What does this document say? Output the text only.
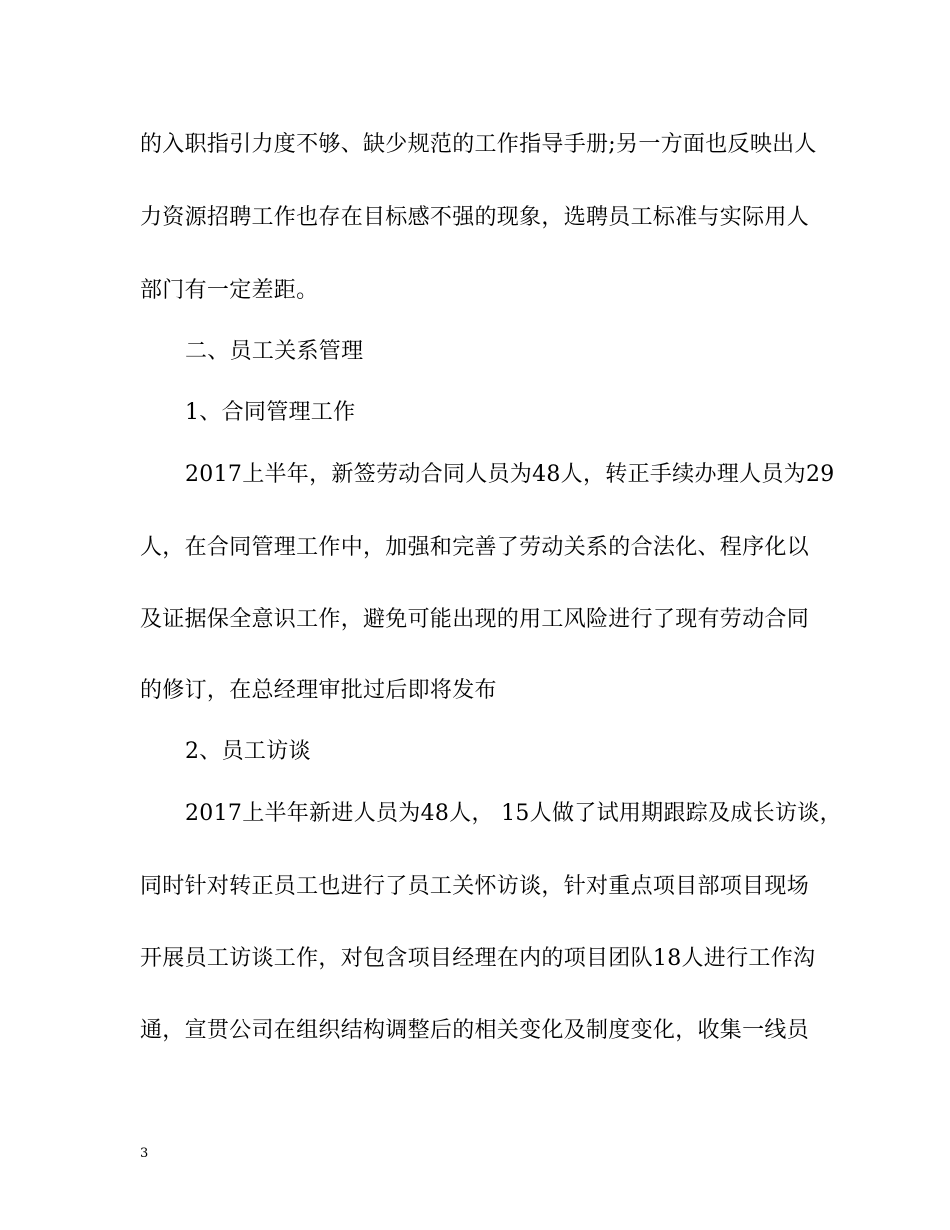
的入职指引力度不够、缺少规范的工作指导手册;另一方面也反映出人
力资源招聘工作也存在目标感不强的现象，选聘员工标准与实际用人
部门有一定差距。
二、员工关系管理
1、合同管理工作
2017上半年，新签劳动合同人员为48人，转正手续办理人员为29
人，在合同管理工作中，加强和完善了劳动关系的合法化、程序化以
及证据保全意识工作，避免可能出现的用工风险进行了现有劳动合同
的修订，在总经理审批过后即将发布
2、员工访谈
2017上半年新进人员为48人， 15人做了试用期跟踪及成长访谈，
同时针对转正员工也进行了员工关怀访谈，针对重点项目部项目现场
开展员工访谈工作，对包含项目经理在内的项目团队18人进行工作沟
通，宣贯公司在组织结构调整后的相关变化及制度变化，收集一线员
3
